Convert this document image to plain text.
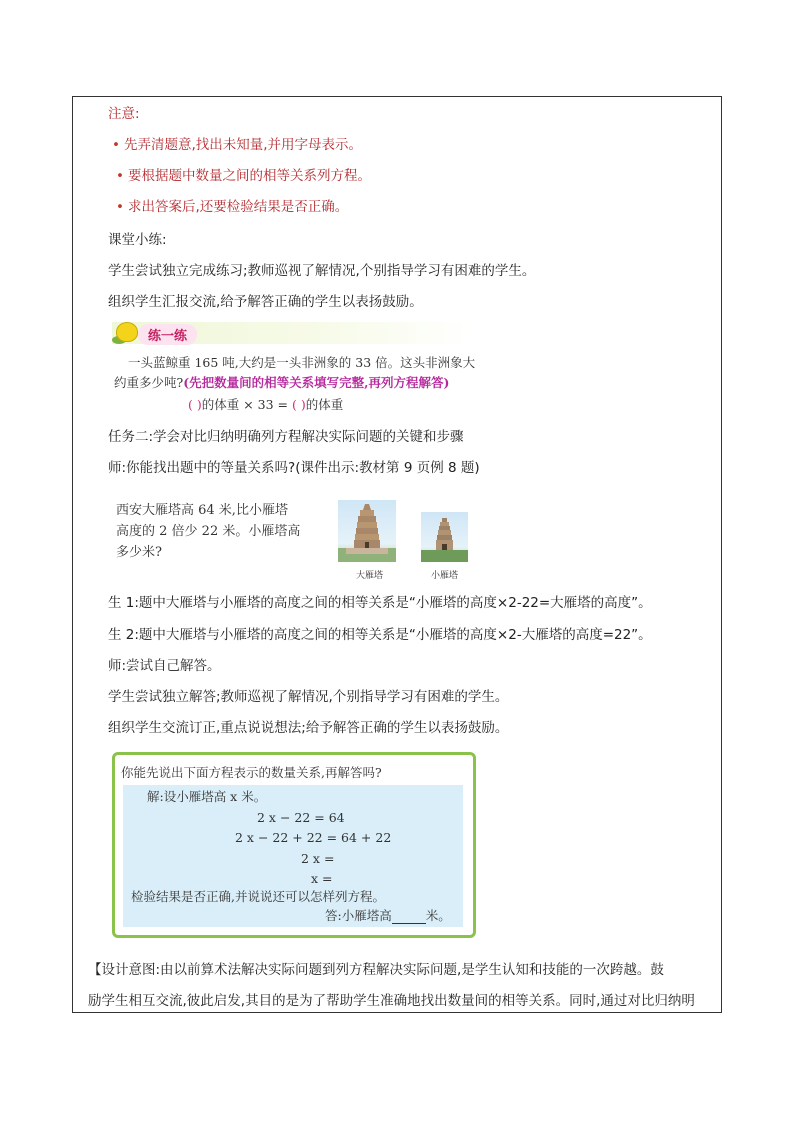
注意:
• 先弄清题意,找出未知量,并用字母表示。
• 要根据题中数量之间的相等关系列方程。
• 求出答案后,还要检验结果是否正确。
课堂小练:
学生尝试独立完成练习;教师巡视了解情况,个别指导学习有困难的学生。
组织学生汇报交流,给予解答正确的学生以表扬鼓励。
练一练
一头蓝鲸重 165 吨,大约是一头非洲象的 33 倍。这头非洲象大
约重多少吨?(先把数量间的相等关系填写完整,再列方程解答)
( )的体重 × 33 = ( )的体重
任务二:学会对比归纳明确列方程解决实际问题的关键和步骤
师:你能找出题中的等量关系吗?(课件出示:教材第 9 页例 8 题)
西安大雁塔高 64 米,比小雁塔
高度的 2 倍少 22 米。小雁塔高
多少米?
大雁塔	小雁塔
生 1:题中大雁塔与小雁塔的高度之间的相等关系是“小雁塔的高度×2-22=大雁塔的高度”。
生 2:题中大雁塔与小雁塔的高度之间的相等关系是“小雁塔的高度×2-大雁塔的高度=22”。
师:尝试自己解答。
学生尝试独立解答;教师巡视了解情况,个别指导学习有困难的学生。
组织学生交流订正,重点说说想法;给予解答正确的学生以表扬鼓励。
你能先说出下面方程表示的数量关系,再解答吗?
解:设小雁塔高 x 米。
2 x − 22 = 64
2 x − 22 + 22 = 64 + 22
2 x =
x =
检验结果是否正确,并说说还可以怎样列方程。
答:小雁塔高	米。
【设计意图:由以前算术法解决实际问题到列方程解决实际问题,是学生认知和技能的一次跨越。鼓
励学生相互交流,彼此启发,其目的是为了帮助学生准确地找出数量间的相等关系。同时,通过对比归纳明
